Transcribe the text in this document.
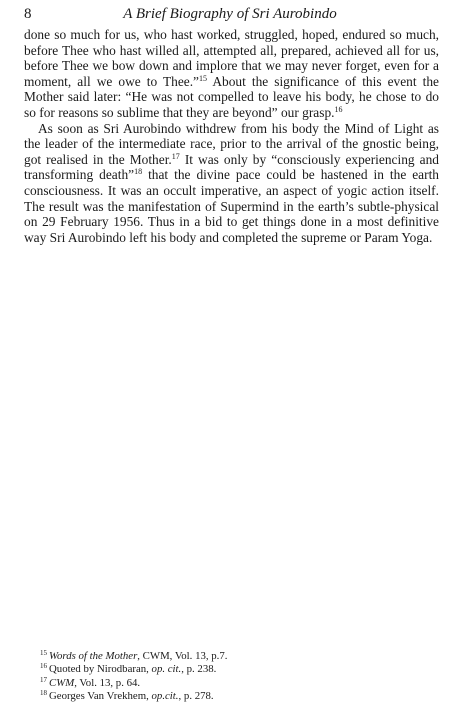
8	A Brief Biography of Sri Aurobindo

done so much for us, who hast worked, struggled, hoped, endured so much, before Thee who hast willed all, attempted all, prepared, achieved all for us, before Thee we bow down and implore that we may never forget, even for a moment, all we owe to Thee.”$^{15}$ About the significance of this event the Mother said later: “He was not compelled to leave his body, he chose to do so for reasons so sublime that they are beyond” our grasp.$^{16}$

As soon as Sri Aurobindo withdrew from his body the Mind of Light as the leader of the intermediate race, prior to the arrival of the gnostic being, got realised in the Mother.$^{17}$ It was only by “consciously experiencing and transforming death”$^{18}$ that the divine pace could be hastened in the earth consciousness. It was an occult imperative, an aspect of yogic action itself. The result was the manifestation of Supermind in the earth’s subtle-physical on 29 February 1956. Thus in a bid to get things done in a most definitive way Sri Aurobindo left his body and completed the supreme or Param Yoga.

$^{15}$ Words of the Mother, CWM, Vol. 13, p.7.
$^{16}$ Quoted by Nirodbaran, op. cit., p. 238.
$^{17}$ CWM, Vol. 13, p. 64.
$^{18}$ Georges Van Vrekhem, op.cit., p. 278.
